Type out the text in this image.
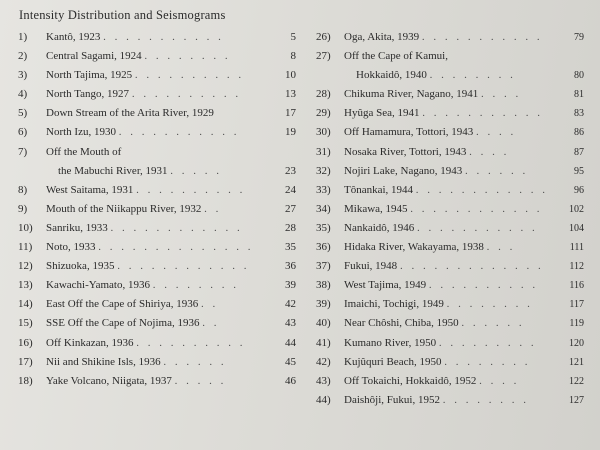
Intensity Distribution and Seismograms
1) Kantô, 1923 . . . . . . . . . . .	5
2) Central Sagami, 1924 . . . . . . . .	8
3) North Tajima, 1925 . . . . . . . . . .	10
4) North Tango, 1927 . . . . . . . . . .	13
5) Down Stream of the Arita River, 1929	17
6) North Izu, 1930 . . . . . . . . . . .	19
7) Off the Mouth of
the Mabuchi River, 1931 . . . . .	23
8) West Saitama, 1931 . . . . . . . . . .	24
9) Mouth of the Niikappu River, 1932 . .	27
10) Sanriku, 1933 . . . . . . . . . . . .	28
11) Noto, 1933 . . . . . . . . . . . . . .	35
12) Shizuoka, 1935 . . . . . . . . . . . .	36
13) Kawachi-Yamato, 1936 . . . . . . . .	39
14) East Off the Cape of Shiriya, 1936 . .	42
15) SSE Off the Cape of Nojima, 1936 . .	43
16) Off Kinkazan, 1936 . . . . . . . . . .	44
17) Nii and Shikine Isls, 1936 . . . . . .	45
18) Yake Volcano, Niigata, 1937 . . . . .	46
26) Oga, Akita, 1939 . . . . . . . . . . .	79
27) Off the Cape of Kamui,
Hokkaidô, 1940 . . . . . . . .	80
28) Chikuma River, Nagano, 1941 . . . .	81
29) Hyûga Sea, 1941 . . . . . . . . . . .	83
30) Off Hamamura, Tottori, 1943 . . . .	86
31) Nosaka River, Tottori, 1943 . . . .	87
32) Nojiri Lake, Nagano, 1943 . . . . . .	95
33) Tônankai, 1944 . . . . . . . . . . . .	96
34) Mikawa, 1945 . . . . . . . . . . . .	102
35) Nankaidô, 1946 . . . . . . . . . . .	104
36) Hidaka River, Wakayama, 1938 . . .	111
37) Fukui, 1948 . . . . . . . . . . . . .	112
38) West Tajima, 1949 . . . . . . . . . .	116
39) Imaichi, Tochigi, 1949 . . . . . . . .	117
40) Near Chôshi, Chiba, 1950 . . . . . .	119
41) Kumano River, 1950 . . . . . . . . .	120
42) Kujûquri Beach, 1950 . . . . . . . .	121
43) Off Tokaichi, Hokkaidô, 1952 . . . .	122
44) Daishôji, Fukui, 1952 . . . . . . . .	127
